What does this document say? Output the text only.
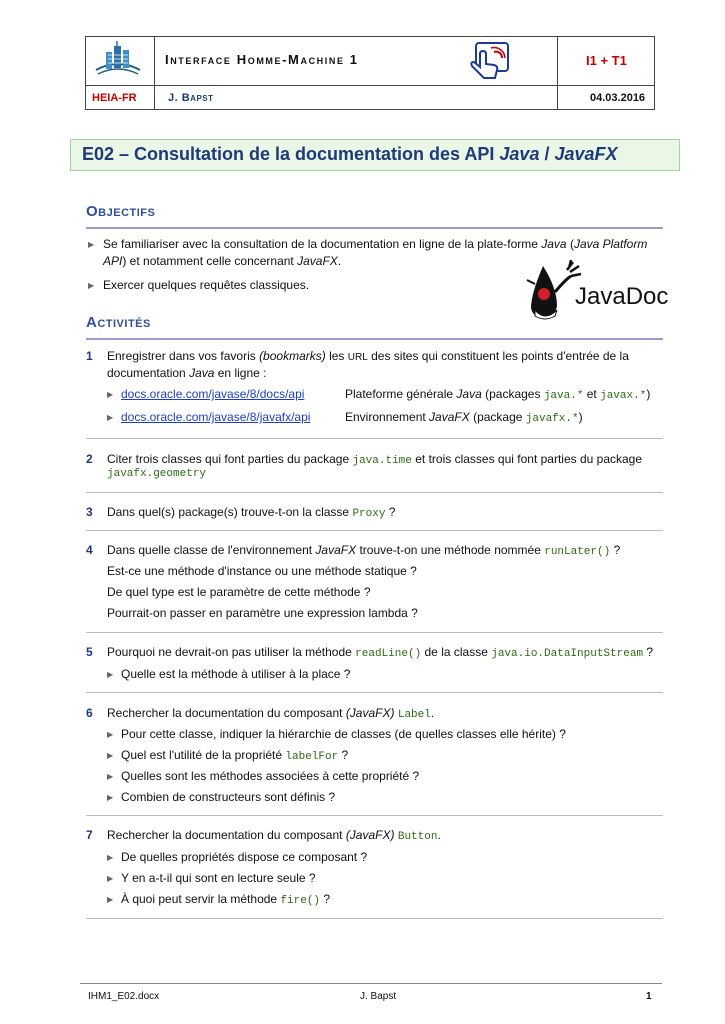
Interface Homme-Machine 1	I1 + T1
HEIA-FR	J. Bapst	04.03.2016
E02 – Consultation de la documentation des API Java / JavaFX
Objectifs
▶ Se familiariser avec la consultation de la documentation en ligne de la plate-forme Java (Java Platform
API) et notamment celle concernant JavaFX.
▶ Exercer quelques requêtes classiques.	JavaDoc
Activités
1 Enregistrer dans vos favoris (bookmarks) les URL des sites qui constituent les points d'entrée de la
documentation Java en ligne :
▶ docs.oracle.com/javase/8/docs/api	Plateforme générale Java (packages java.* et javax.*)
▶ docs.oracle.com/javase/8/javafx/api	Environnement JavaFX (package javafx.*)
2 Citer trois classes qui font parties du package java.time et trois classes qui font parties du package
javafx.geometry
3 Dans quel(s) package(s) trouve-t-on la classe Proxy ?
4 Dans quelle classe de l'environnement JavaFX trouve-t-on une méthode nommée runLater() ?
Est-ce une méthode d'instance ou une méthode statique ?
De quel type est le paramètre de cette méthode ?
Pourrait-on passer en paramètre une expression lambda ?
5 Pourquoi ne devrait-on pas utiliser la méthode readLine() de la classe java.io.DataInputStream ?
▶ Quelle est la méthode à utiliser à la place ?
6 Rechercher la documentation du composant (JavaFX) Label.
▶ Pour cette classe, indiquer la hiérarchie de classes (de quelles classes elle hérite) ?
▶ Quel est l'utilité de la propriété labelFor ?
▶ Quelles sont les méthodes associées à cette propriété ?
▶ Combien de constructeurs sont définis ?
7 Rechercher la documentation du composant (JavaFX) Button.
▶ De quelles propriétés dispose ce composant ?
▶ Y en a-t-il qui sont en lecture seule ?
▶ À quoi peut servir la méthode fire() ?
IHM1_E02.docx	J. Bapst	1
